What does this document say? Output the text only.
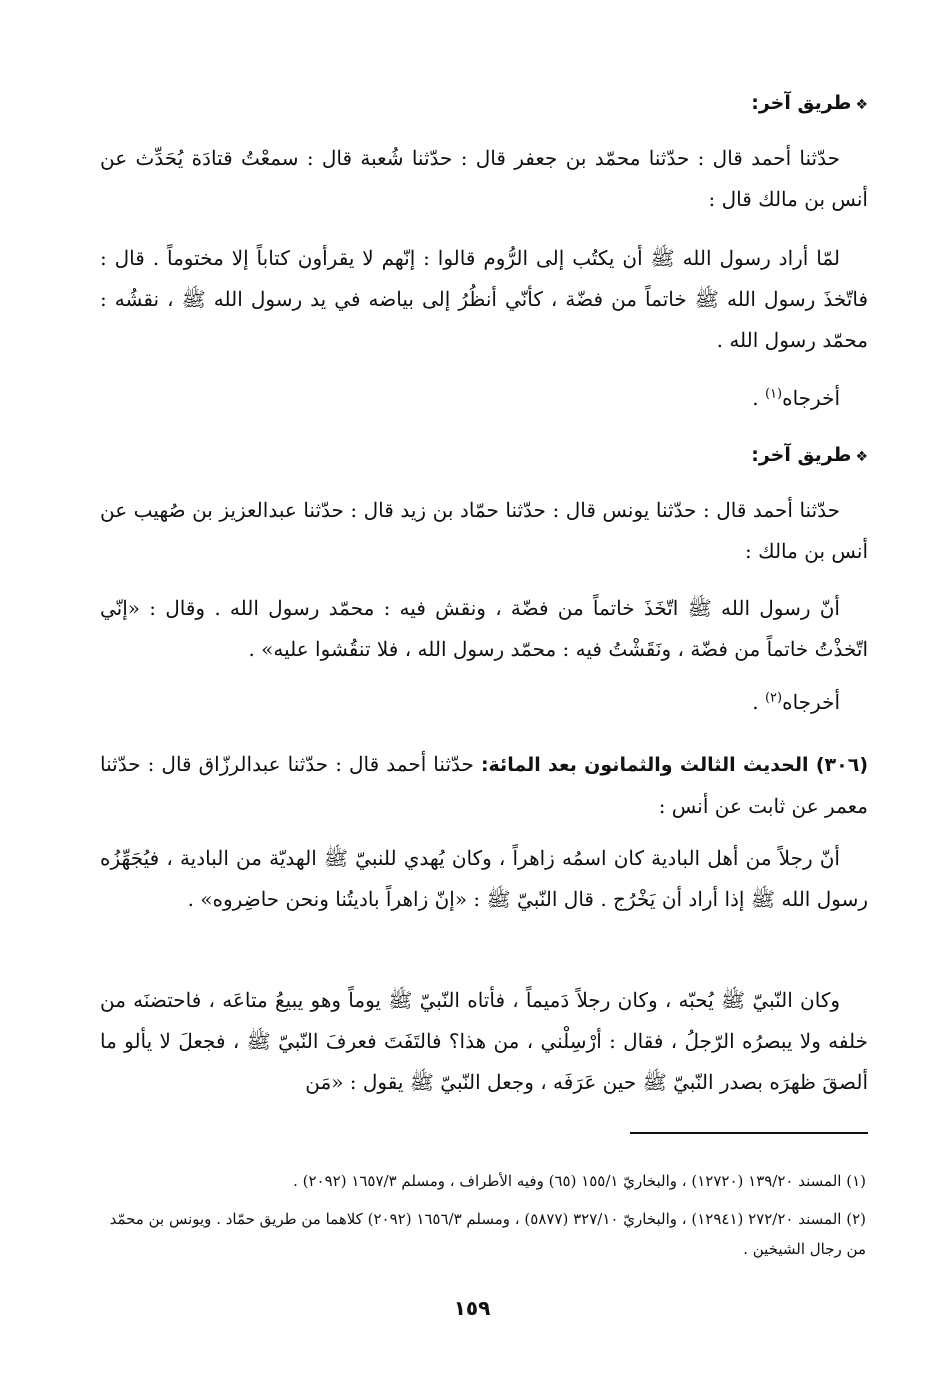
❖طريق آخر:

حدّثنا أحمد قال : حدّثنا محمّد بن جعفر قال : حدّثنا شُعبة قال : سمعْتُ قتادَة يُحَدِّث عن أنس بن مالك قال :

لمّا أراد رسول الله ﷺ أن يكتُب إلى الرُّوم قالوا : إنّهم لا يقرأون كتاباً إلا مختوماً . قال : فاتّخذَ رسول الله ﷺ خاتماً من فضّة ، كأنّي أنظُرُ إلى بياضه في يد رسول الله ﷺ ، نقشُه : محمّد رسول الله .

أخرجاه$^{(١)}$ .

❖طريق آخر:

حدّثنا أحمد قال : حدّثنا يونس قال : حدّثنا حمّاد بن زيد قال : حدّثنا عبدالعزيز بن صُهيب عن أنس بن مالك :

أنّ رسول الله ﷺ اتّخَذَ خاتماً من فضّة ، ونقش فيه : محمّد رسول الله . وقال : «إنّي اتّخذْتُ خاتماً من فضّة ، ونَقَشْتُ فيه : محمّد رسول الله ، فلا تنقُشوا عليه» .

أخرجاه$^{(٢)}$ .

(٣٠٦) الحديث الثالث والثمانون بعد المائة: حدّثنا أحمد قال : حدّثنا عبدالرزّاق قال : حدّثنا معمر عن ثابت عن أنس :

أنّ رجلاً من أهل البادية كان اسمُه زاهراً ، وكان يُهدي للنبيّ ﷺ الهديّة من البادية ، فيُجَهِّزُه رسول الله ﷺ إذا أراد أن يَخْرُج . قال النّبيّ ﷺ : «إنّ زاهراً باديتُنا ونحن حاضِروه» .

وكان النّبيّ ﷺ يُحبّه ، وكان رجلاً دَميماً ، فأتاه النّبيّ ﷺ يوماً وهو يبيعُ متاعَه ، فاحتضنَه من خلفه ولا يبصرُه الرّجلُ ، فقال : أرْسِلْني ، من هذا؟ فالتَفَتَ فعرفَ النّبيّ ﷺ ، فجعلَ لا يألو ما ألصقَ ظهرَه بصدر النّبيّ ﷺ حين عَرَفَه ، وجعل النّبيّ ﷺ يقول : «مَن

(١) المسند ١٣٩/٢٠ (١٢٧٢٠) ، والبخاريّ ١٥٥/١ (٦٥) وفيه الأطراف ، ومسلم ١٦٥٧/٣ (٢٠٩٢) .

(٢) المسند ٢٧٢/٢٠ (١٢٩٤١) ، والبخاريّ ٣٢٧/١٠ (٥٨٧٧) ، ومسلم ١٦٥٦/٣ (٢٠٩٢) كلاهما من طريق حمّاد . ويونس بن محمّد من رجال الشيخين .

١٥٩
